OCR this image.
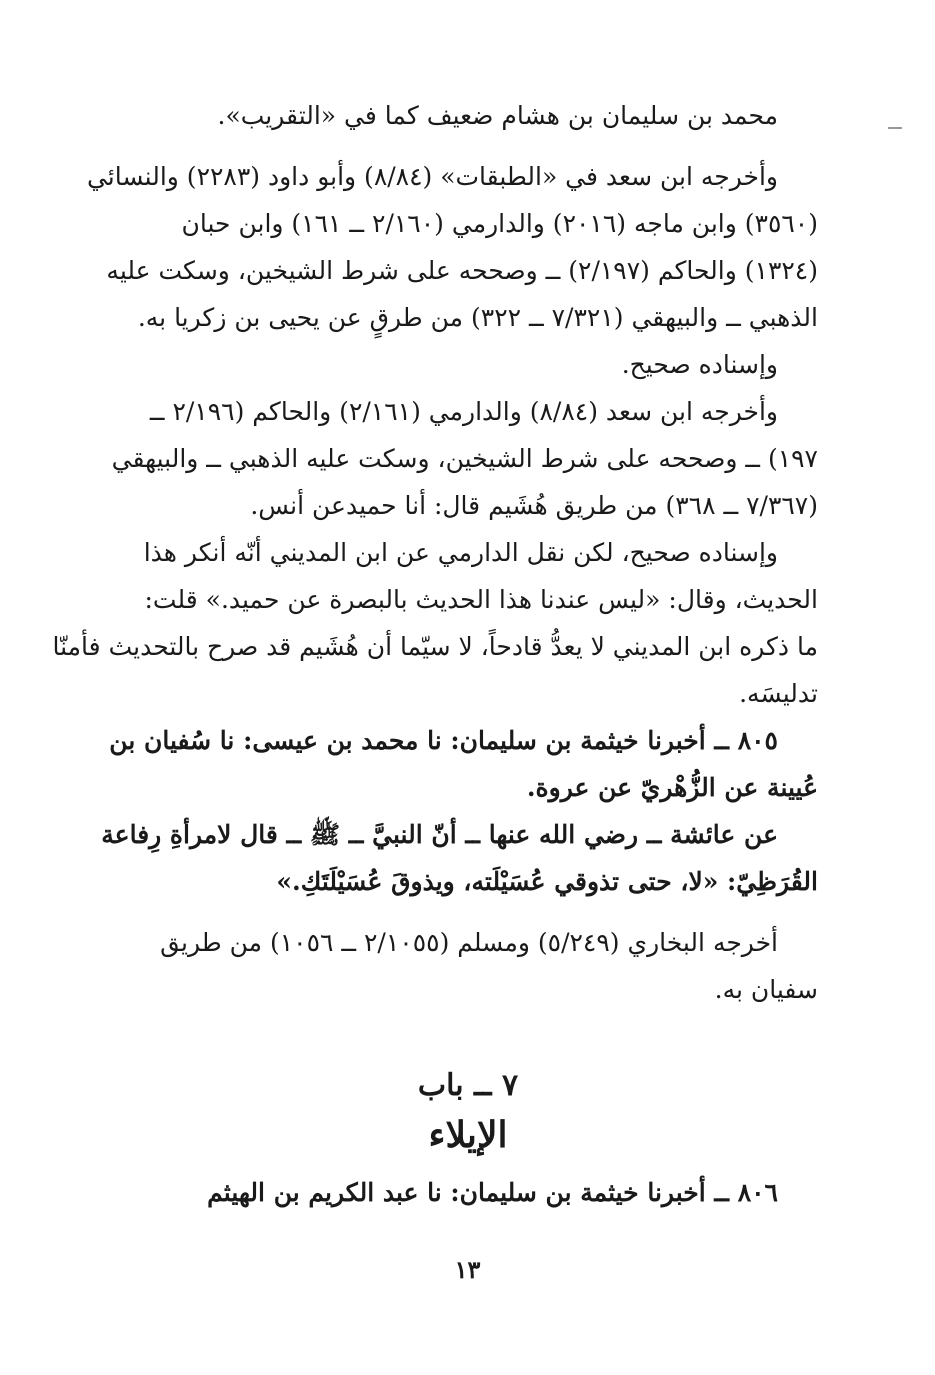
محمد بن سليمان بن هشام ضعيف كما في «التقريب».
وأخرجه ابن سعد في «الطبقات» (٨/٨٤) وأبو داود (٢٢٨٣) والنسائي
(٣٥٦٠) وابن ماجه (٢٠١٦) والدارمي (٢/١٦٠ ــ ١٦١) وابن حبان
(١٣٢٤) والحاكم (٢/١٩٧) ــ وصححه على شرط الشيخين، وسكت عليه
الذهبي ــ والبيهقي (٧/٣٢١ ــ ٣٢٢) من طرقٍ عن يحيى بن زكريا به.
وإسناده صحيح.
وأخرجه ابن سعد (٨/٨٤) والدارمي (٢/١٦١) والحاكم (٢/١٩٦ ــ
١٩٧) ــ وصححه على شرط الشيخين، وسكت عليه الذهبي ــ والبيهقي
(٧/٣٦٧ ــ ٣٦٨) من طريق هُشَيم قال: أنا حميدعن أنس.
وإسناده صحيح، لكن نقل الدارمي عن ابن المديني أنّه أنكر هذا
الحديث، وقال: «ليس عندنا هذا الحديث بالبصرة عن حميد.» قلت:
ما ذكره ابن المديني لا يعدُّ قادحاً، لا سيّما أن هُشَيم قد صرح بالتحديث فأمنّا
تدليسَه.
٨٠٥ ــ أخبرنا خيثمة بن سليمان: نا محمد بن عيسى: نا سُفيان بن
عُيينة عن الزُّهْريّ عن عروة.
عن عائشة ــ رضي الله عنها ــ أنّ النبيَّ ــ ﷺ ــ قال لامرأةِ رِفاعة
القُرَظِيّ: «لا، حتى تذوقي عُسَيْلَته، ويذوقَ عُسَيْلَتَكِ.»
أخرجه البخاري (٥/٢٤٩) ومسلم (٢/١٠٥٥ ــ ١٠٥٦) من طريق
سفيان به.
٧ ــ باب
الإيلاء
٨٠٦ ــ أخبرنا خيثمة بن سليمان: نا عبد الكريم بن الهيثم
١٣
